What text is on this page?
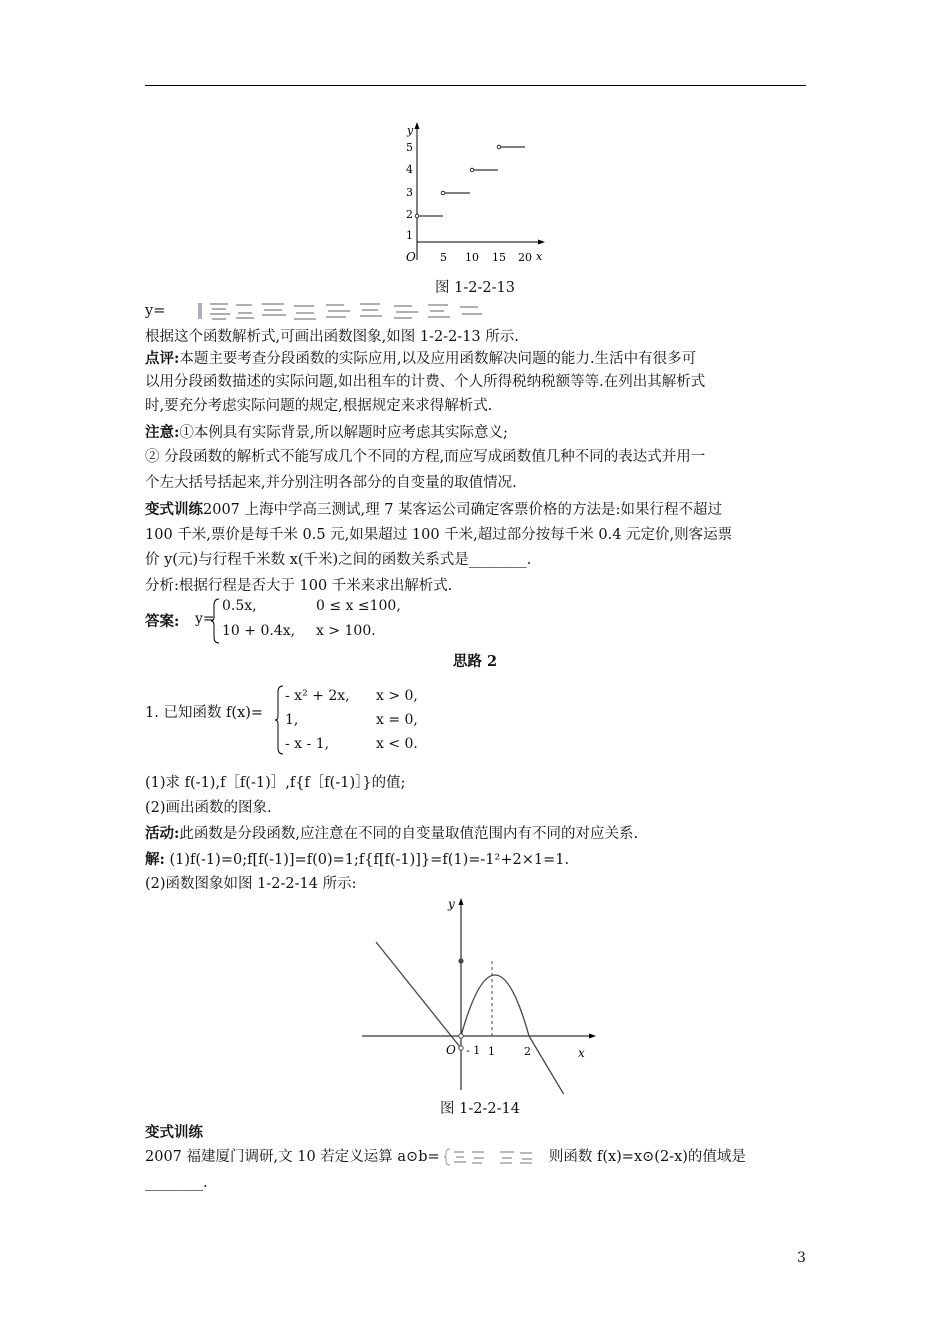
y
x
O
1
2
3
4
5
5 10 15 20
图 1-2-2-13
y=
根据这个函数解析式,可画出函数图象,如图 1-2-2-13 所示.
点评:本题主要考查分段函数的实际应用,以及应用函数解决问题的能力.生活中有很多可
以用分段函数描述的实际问题,如出租车的计费、个人所得税纳税额等等.在列出其解析式
时,要充分考虑实际问题的规定,根据规定来求得解析式.
注意:①本例具有实际背景,所以解题时应考虑其实际意义;
② 分段函数的解析式不能写成几个不同的方程,而应写成函数值几种不同的表达式并用一
个左大括号括起来,并分别注明各部分的自变量的取值情况.
变式训练2007 上海中学高三测试,理 7 某客运公司确定客票价格的方法是:如果行程不超过
100 千米,票价是每千米 0.5 元,如果超过 100 千米,超过部分按每千米 0.4 元定价,则客运票
价 y(元)与行程千米数 x(千米)之间的函数关系式是________.
分析:根据行程是否大于 100 千米来求出解析式.
答案: y=
0.5x,	0 ≤ x ≤100,
10 + 0.4x, x > 100.
思路 2
1. 已知函数 f(x)=
- x² + 2x, x > 0,
1,	x = 0,
- x - 1,	x < 0.
(1)求 f(-1),f［f(-1)］,f{f［f(-1)］}的值;
(2)画出函数的图象.
活动:此函数是分段函数,应注意在不同的自变量取值范围内有不同的对应关系.
解: (1)f(-1)=0;f[f(-1)]=f(0)=1;f{f[f(-1)]}=f(1)=-1²+2×1=1.
(2)函数图象如图 1-2-2-14 所示:
y
x
O	1	2
- 1
图 1-2-2-14
变式训练
2007 福建厦门调研,文 10 若定义运算 a⊙b=	则函数 f(x)=x⊙(2-x)的值域是
________.
3
